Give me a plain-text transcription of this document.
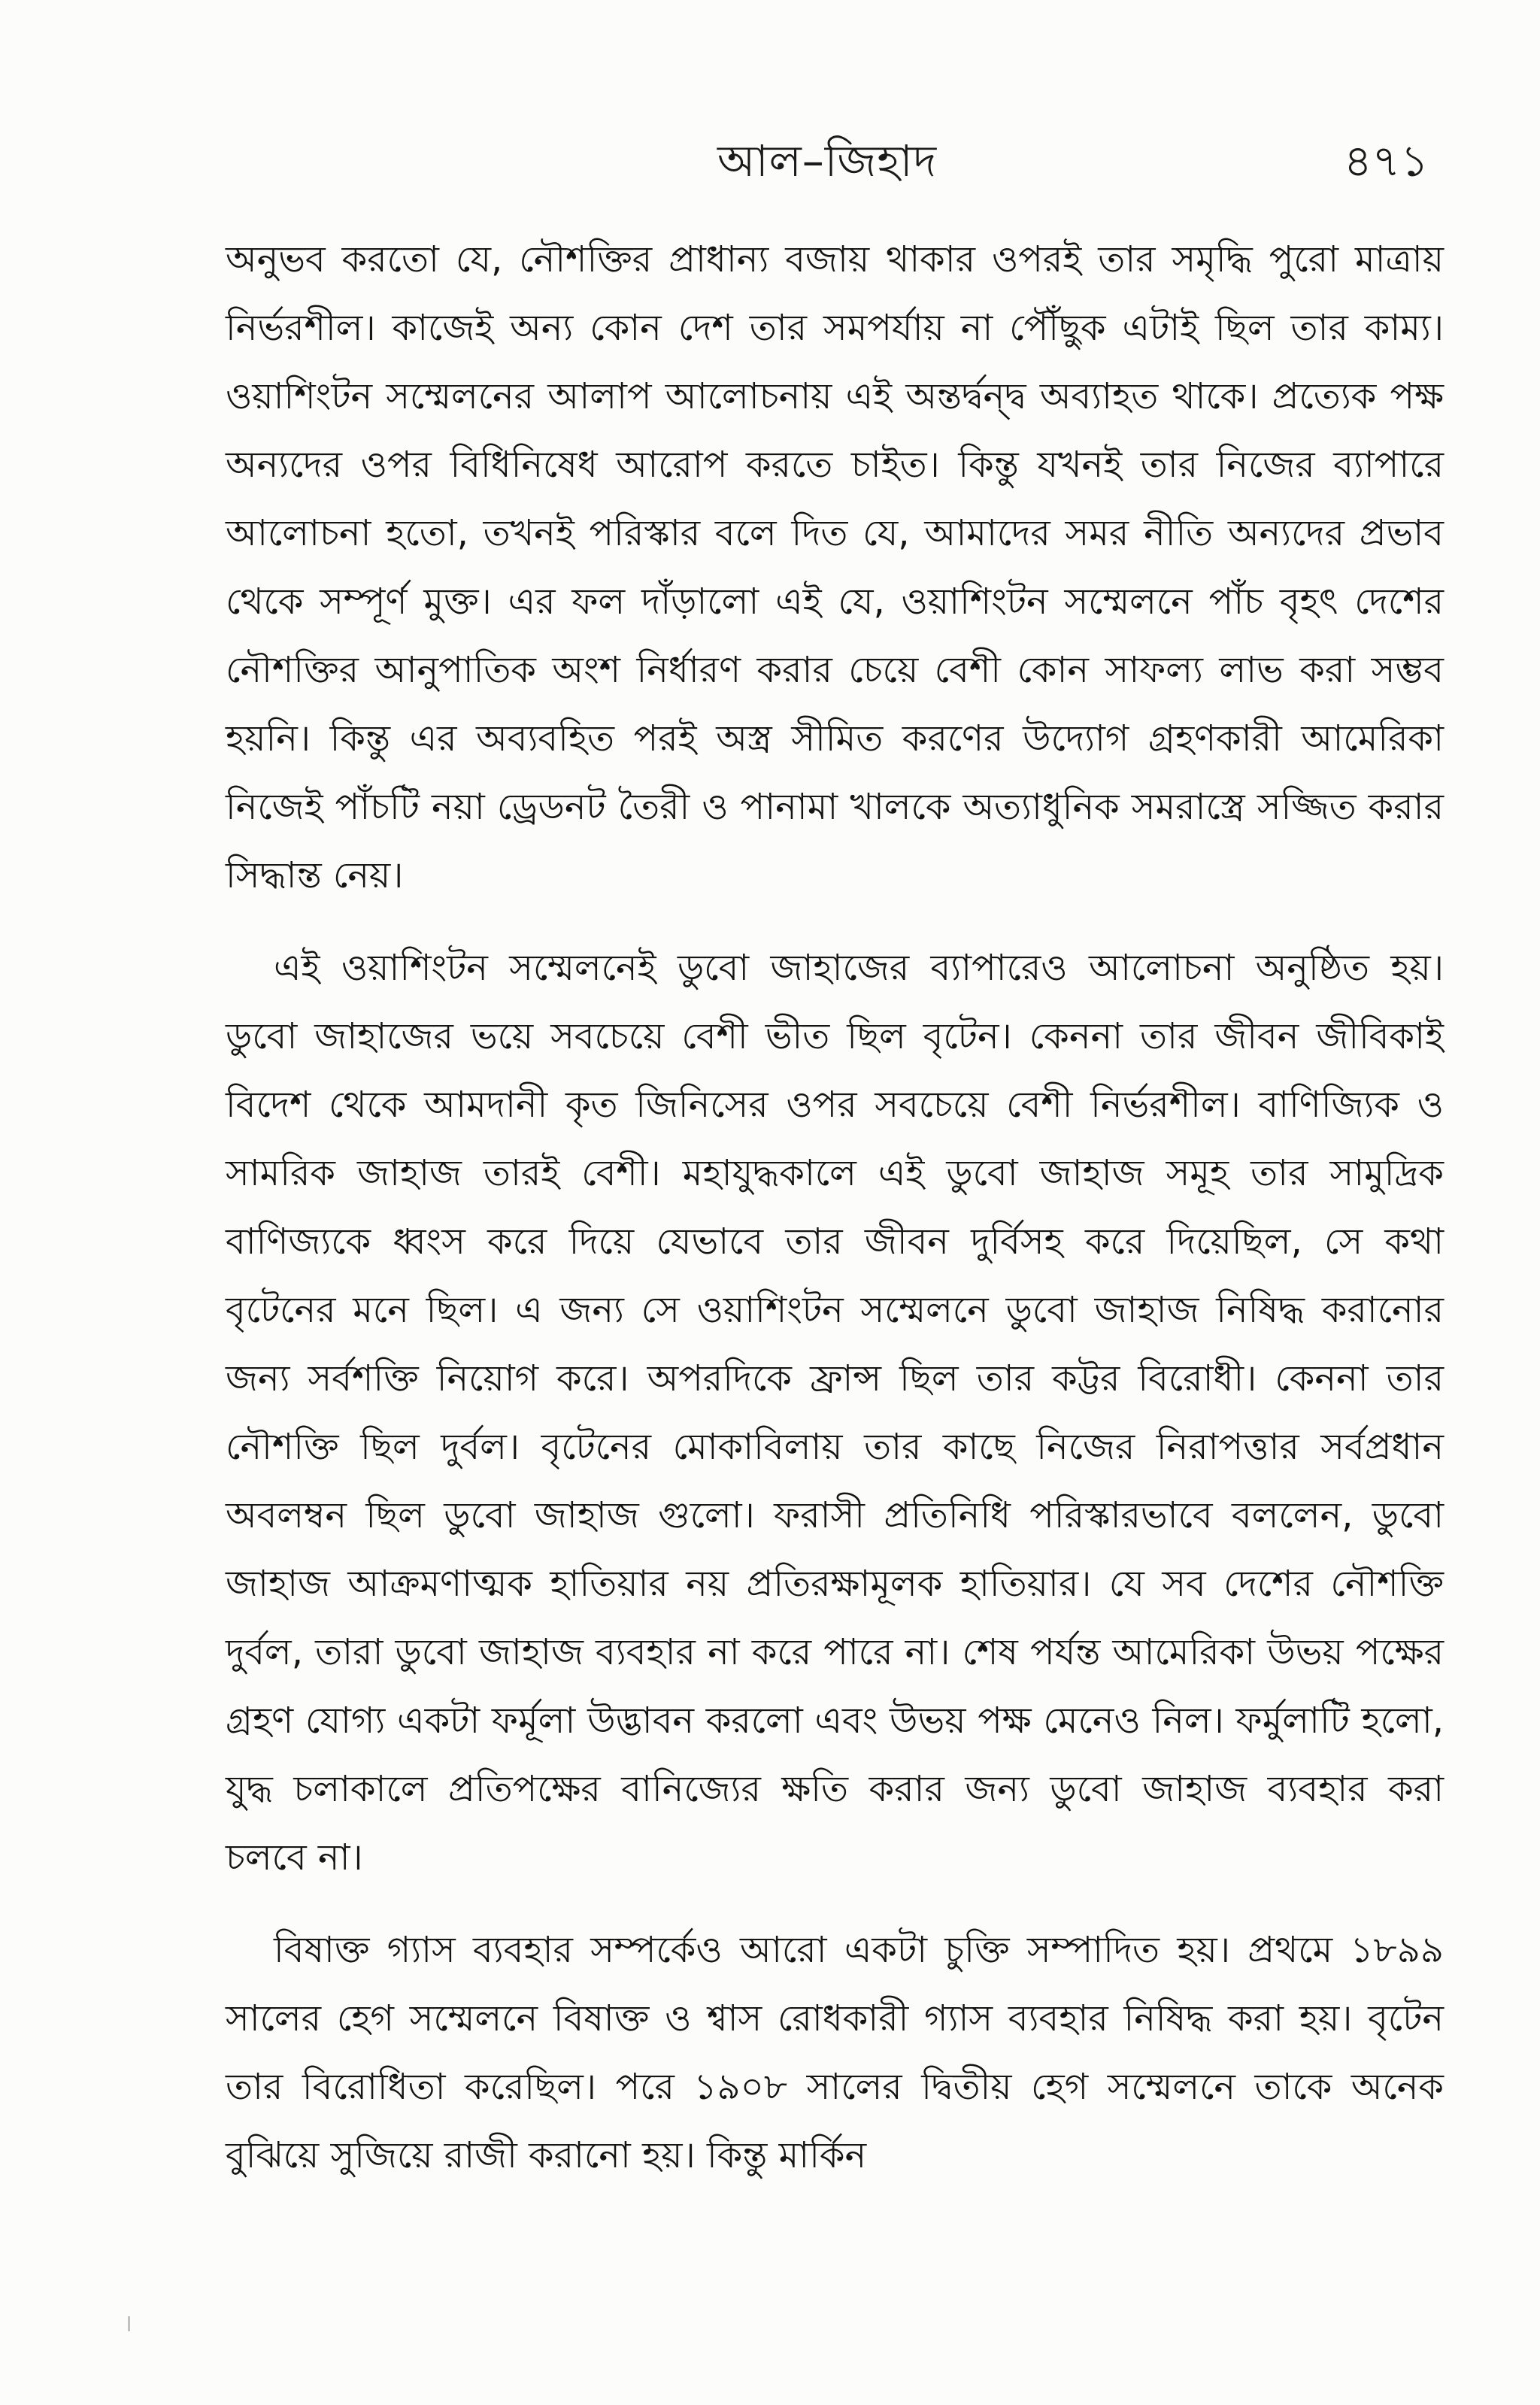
আল–জিহাদ	৪৭১

অনুভব করতো যে, নৌশক্তির প্রাধান্য বজায় থাকার ওপরই তার সমৃদ্ধি পুরো মাত্রায় নির্ভরশীল। কাজেই অন্য কোন দেশ তার সমপর্যায় না পৌঁছুক এটাই ছিল তার কাম্য। ওয়াশিংটন সম্মেলনের আলাপ আলোচনায় এই অন্তর্দ্বন্দ্ব অব্যাহত থাকে। প্রত্যেক পক্ষ অন্যদের ওপর বিধিনিষেধ আরোপ করতে চাইত। কিন্তু যখনই তার নিজের ব্যাপারে আলোচনা হতো, তখনই পরিস্কার বলে দিত যে, আমাদের সমর নীতি অন্যদের প্রভাব থেকে সম্পূর্ণ মুক্ত। এর ফল দাঁড়ালো এই যে, ওয়াশিংটন সম্মেলনে পাঁচ বৃহৎ দেশের নৌশক্তির আনুপাতিক অংশ নির্ধারণ করার চেয়ে বেশী কোন সাফল্য লাভ করা সম্ভব হয়নি। কিন্তু এর অব্যবহিত পরই অস্ত্র সীমিত করণের উদ্যোগ গ্রহণকারী আমেরিকা নিজেই পাঁচটি নয়া ড্রেডনট তৈরী ও পানামা খালকে অত্যাধুনিক সমরাস্ত্রে সজ্জিত করার সিদ্ধান্ত নেয়।

এই ওয়াশিংটন সম্মেলনেই ডুবো জাহাজের ব্যাপারেও আলোচনা অনুষ্ঠিত হয়। ডুবো জাহাজের ভয়ে সবচেয়ে বেশী ভীত ছিল বৃটেন। কেননা তার জীবন জীবিকাই বিদেশ থেকে আমদানী কৃত জিনিসের ওপর সবচেয়ে বেশী নির্ভরশীল। বাণিজ্যিক ও সামরিক জাহাজ তারই বেশী। মহাযুদ্ধকালে এই ডুবো জাহাজ সমূহ তার সামুদ্রিক বাণিজ্যকে ধ্বংস করে দিয়ে যেভাবে তার জীবন দুর্বিসহ করে দিয়েছিল, সে কথা বৃটেনের মনে ছিল। এ জন্য সে ওয়াশিংটন সম্মেলনে ডুবো জাহাজ নিষিদ্ধ করানোর জন্য সর্বশক্তি নিয়োগ করে। অপরদিকে ফ্রান্স ছিল তার কট্টর বিরোধী। কেননা তার নৌশক্তি ছিল দুর্বল। বৃটেনের মোকাবিলায় তার কাছে নিজের নিরাপত্তার সর্বপ্রধান অবলম্বন ছিল ডুবো জাহাজ গুলো। ফরাসী প্রতিনিধি পরিস্কারভাবে বললেন, ডুবো জাহাজ আক্রমণাত্মক হাতিয়ার নয় প্রতিরক্ষামূলক হাতিয়ার। যে সব দেশের নৌশক্তি দুর্বল, তারা ডুবো জাহাজ ব্যবহার না করে পারে না। শেষ পর্যন্ত আমেরিকা উভয় পক্ষের গ্রহণ যোগ্য একটা ফর্মূলা উদ্ভাবন করলো এবং উভয় পক্ষ মেনেও নিল। ফর্মুলাটি হলো, যুদ্ধ চলাকালে প্রতিপক্ষের বানিজ্যের ক্ষতি করার জন্য ডুবো জাহাজ ব্যবহার করা চলবে না।

বিষাক্ত গ্যাস ব্যবহার সম্পর্কেও আরো একটা চুক্তি সম্পাদিত হয়। প্রথমে ১৮৯৯ সালের হেগ সম্মেলনে বিষাক্ত ও শ্বাস রোধকারী গ্যাস ব্যবহার নিষিদ্ধ করা হয়। বৃটেন তার বিরোধিতা করেছিল। পরে ১৯০৮ সালের দ্বিতীয় হেগ সম্মেলনে তাকে অনেক বুঝিয়ে সুজিয়ে রাজী করানো হয়। কিন্তু মার্কিন
